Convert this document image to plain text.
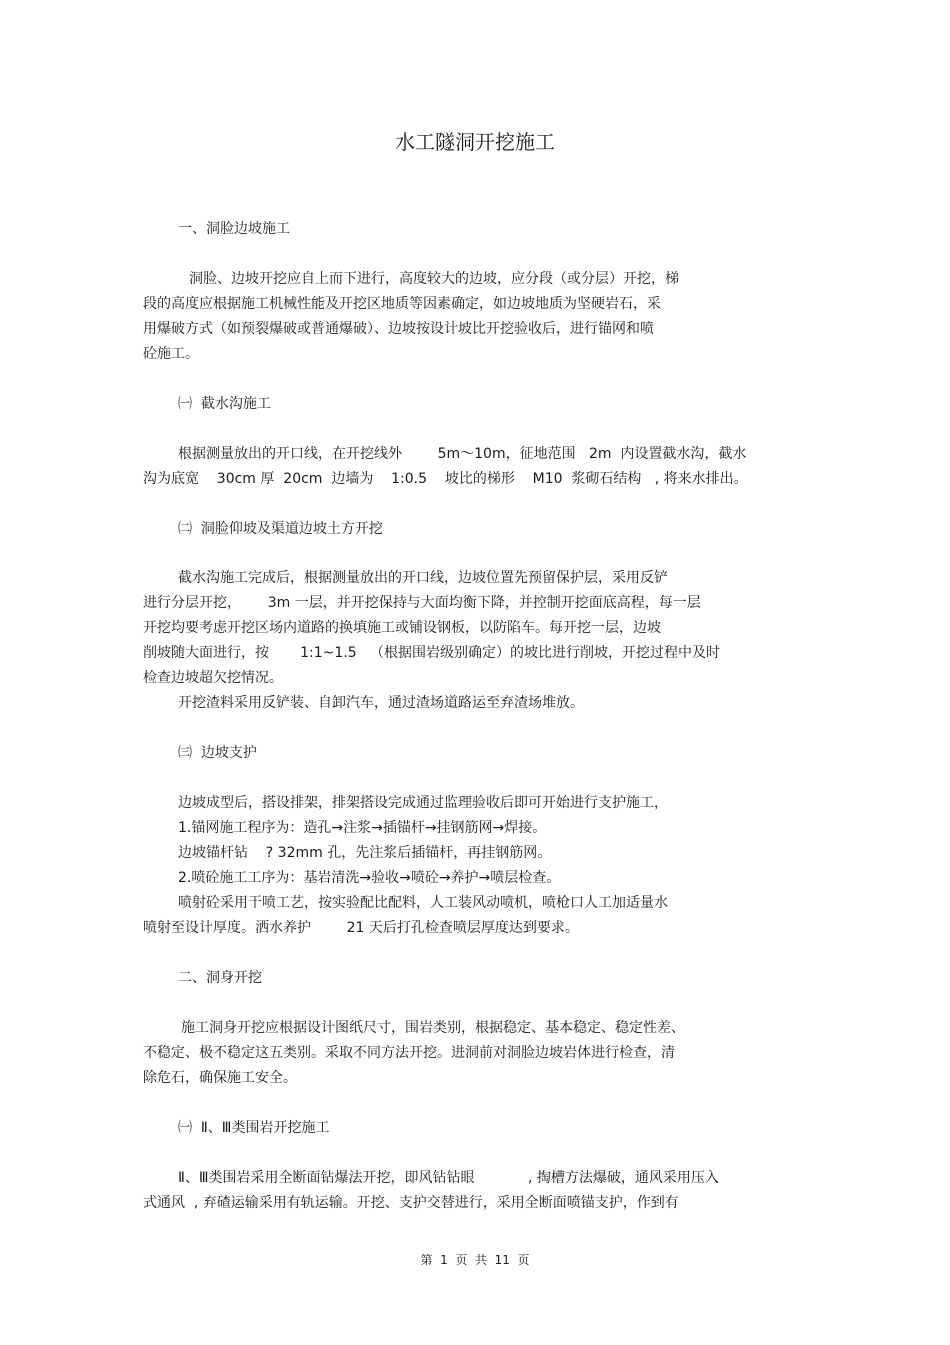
水工隧洞开挖施工
一、洞脸边坡施工
洞脸、边坡开挖应自上而下进行，高度较大的边坡，应分段（或分层）开挖，梯
段的高度应根据施工机械性能及开挖区地质等因素确定，如边坡地质为坚硬岩石，采
用爆破方式（如预裂爆破或普通爆破）、边坡按设计坡比开挖验收后，进行锚网和喷
砼施工。
㈠  截水沟施工
根据测量放出的开口线，在开挖线外        5m～10m，征地范围   2m  内设置截水沟，截水
沟为底宽    30cm 厚  20cm  边墙为    1:0.5    坡比的梯形    M10  浆砌石结构   , 将来水排出。
㈡  洞脸仰坡及渠道边坡土方开挖
截水沟施工完成后，根据测量放出的开口线，边坡位置先预留保护层，采用反铲
进行分层开挖，      3m 一层，并开挖保持与大面均衡下降，并控制开挖面底高程，每一层
开挖均要考虑开挖区场内道路的换填施工或铺设钢板，以防陷车。每开挖一层，边坡
削坡随大面进行，按       1:1~1.5   （根据围岩级别确定）的坡比进行削坡，开挖过程中及时
检查边坡超欠挖情况。
开挖渣料采用反铲装、自卸汽车，通过渣场道路运至弃渣场堆放。
㈢  边坡支护
边坡成型后，搭设排架，排架搭设完成通过监理验收后即可开始进行支护施工，
1.锚网施工程序为：造孔→注浆→插锚杆→挂钢筋网→焊接。
边坡锚杆钻    ? 32mm 孔，先注浆后插锚杆，再挂钢筋网。
2.喷砼施工工序为：基岩清洗→验收→喷砼→养护→喷层检查。
喷射砼采用干喷工艺，按实验配比配料，人工装风动喷机，喷枪口人工加适量水
喷射至设计厚度。洒水养护        21 天后打孔检查喷层厚度达到要求。
二、洞身开挖
施工洞身开挖应根据设计图纸尺寸，围岩类别，根据稳定、基本稳定、稳定性差、
不稳定、极不稳定这五类别。采取不同方法开挖。进洞前对洞脸边坡岩体进行检查，清
除危石，确保施工安全。
㈠  Ⅱ、Ⅲ类围岩开挖施工
Ⅱ、Ⅲ类围岩采用全断面钻爆法开挖，即风钻钻眼            , 掏槽方法爆破，通风采用压入
式通风  , 弃碴运输采用有轨运输。开挖、支护交替进行，采用全断面喷锚支护，作到有
第  1  页  共  11  页
